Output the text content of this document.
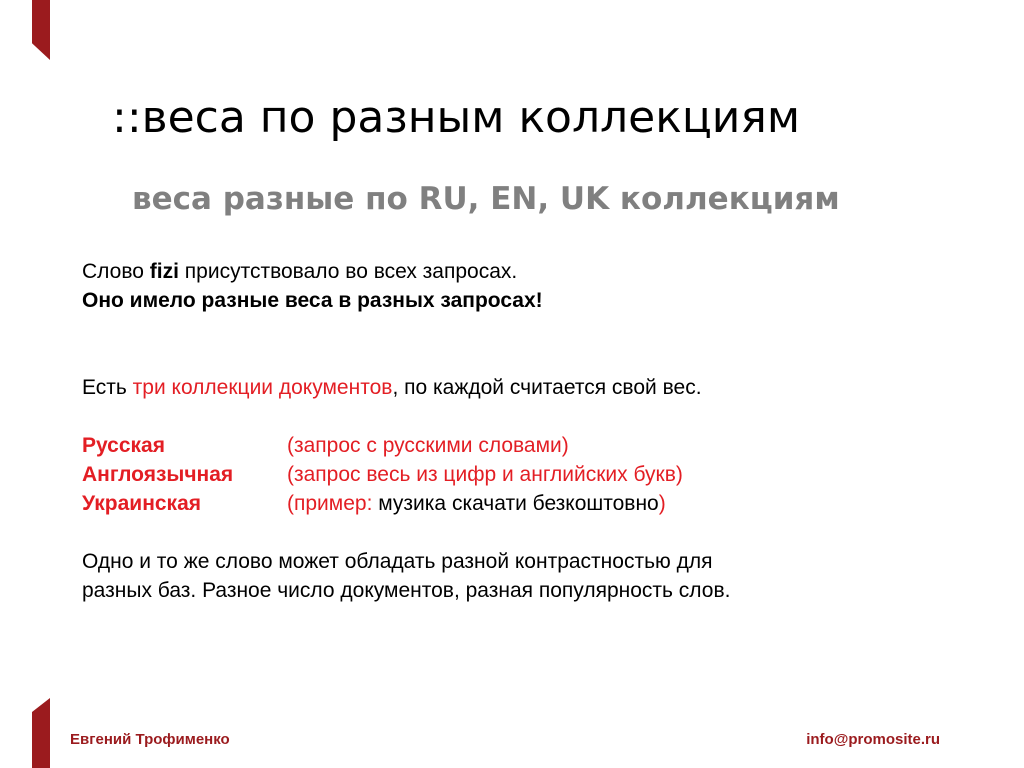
::веса по разным коллекциям
веса разные по RU, EN, UK коллекциям

Слово fizi присутствовало во всех запросах.

Оно имело разные веса в разных запросах!

Есть три коллекции документов, по каждой считается свой вес.

Русская	(запрос с русскими словами)
Англоязычная	(запрос весь из цифр и английских букв)
Украинская	(пример: музика скачати безкоштовно)

Одно и то же слово может обладать разной контрастностью для

разных баз. Разное число документов, разная популярность слов.

Евгений Трофименко	info@promosite.ru
